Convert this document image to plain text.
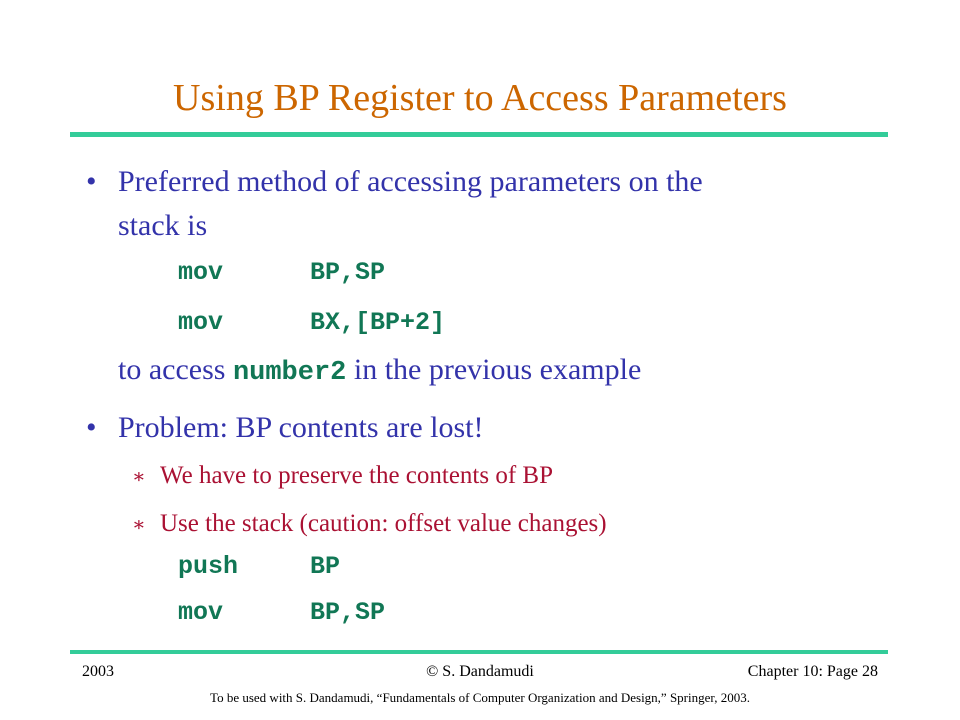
Using BP Register to Access Parameters
• Preferred method of accessing parameters on the
stack is
mov	BP,SP
mov	BX,[BP+2]
to access number2 in the previous example
• Problem: BP contents are lost!
∗ We have to preserve the contents of BP
∗ Use the stack (caution: offset value changes)
push	BP
mov	BP,SP
2003	© S. Dandamudi	Chapter 10: Page 28
To be used with S. Dandamudi, “Fundamentals of Computer Organization and Design,” Springer, 2003.
